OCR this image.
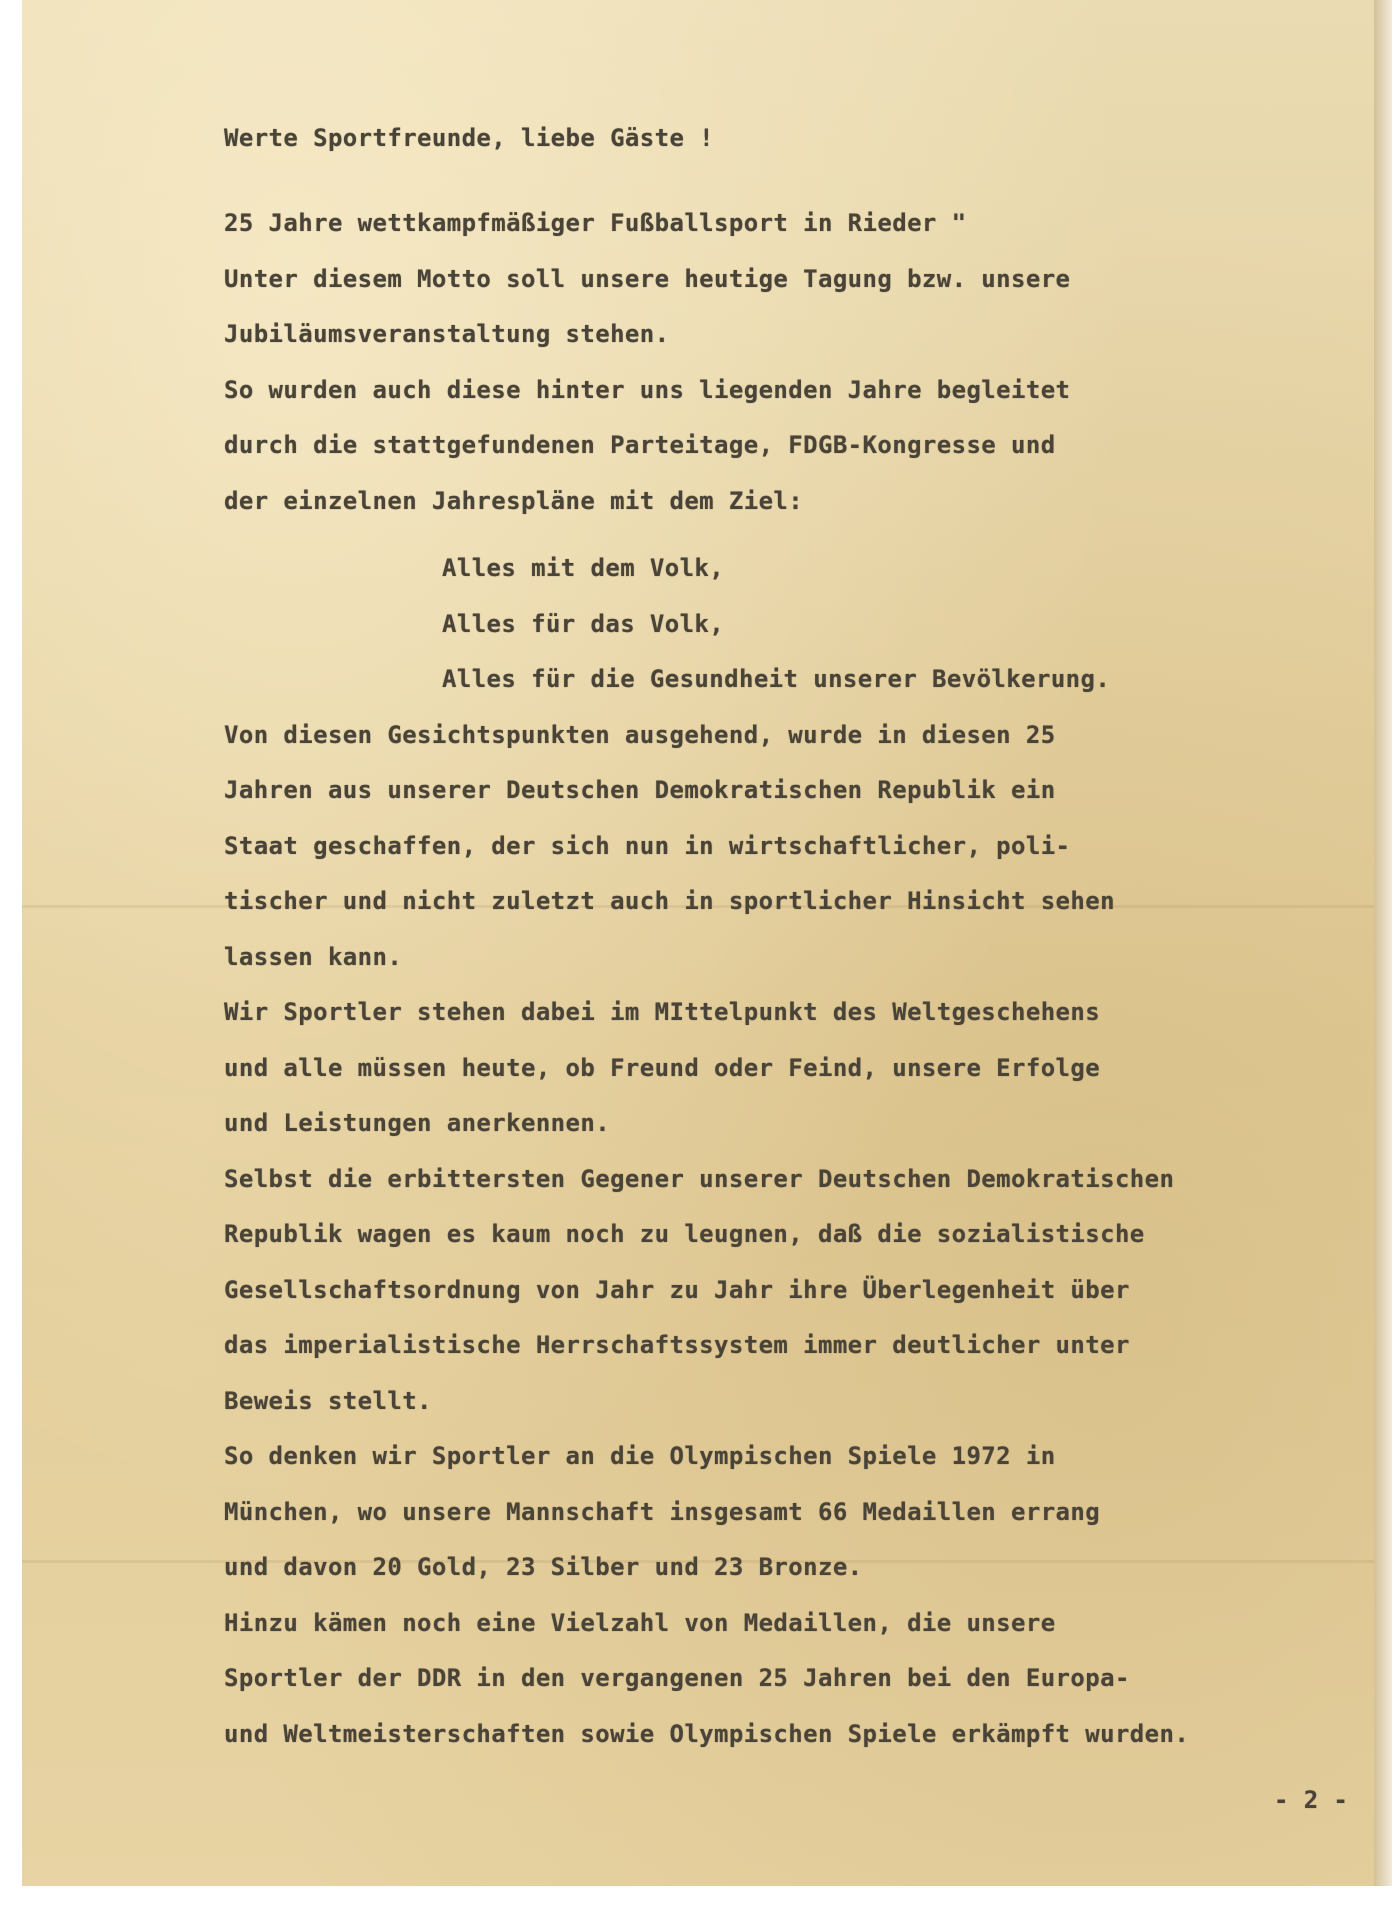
Werte Sportfreunde, liebe Gäste !
25 Jahre wettkampfmäßiger Fußballsport in Rieder "
Unter diesem Motto soll unsere heutige Tagung bzw. unsere
Jubiläumsveranstaltung stehen.
So wurden auch diese hinter uns liegenden Jahre begleitet
durch die stattgefundenen Parteitage, FDGB-Kongresse und
der einzelnen Jahrespläne mit dem Ziel:
Alles mit dem Volk,
Alles für das Volk,
Alles für die Gesundheit unserer Bevölkerung.
Von diesen Gesichtspunkten ausgehend, wurde in diesen 25
Jahren aus unserer Deutschen Demokratischen Republik ein
Staat geschaffen, der sich nun in wirtschaftlicher, poli-
tischer und nicht zuletzt auch in sportlicher Hinsicht sehen
lassen kann.
Wir Sportler stehen dabei im MIttelpunkt des Weltgeschehens
und alle müssen heute, ob Freund oder Feind, unsere Erfolge
und Leistungen anerkennen.
Selbst die erbittersten Gegener unserer Deutschen Demokratischen
Republik wagen es kaum noch zu leugnen, daß die sozialistische
Gesellschaftsordnung von Jahr zu Jahr ihre Überlegenheit über
das imperialistische Herrschaftssystem immer deutlicher unter
Beweis stellt.
So denken wir Sportler an die Olympischen Spiele 1972 in
München, wo unsere Mannschaft insgesamt 66 Medaillen errang
und davon 20 Gold, 23 Silber und 23 Bronze.
Hinzu kämen noch eine Vielzahl von Medaillen, die unsere
Sportler der DDR in den vergangenen 25 Jahren bei den Europa-
und Weltmeisterschaften sowie Olympischen Spiele erkämpft wurden.
- 2 -
